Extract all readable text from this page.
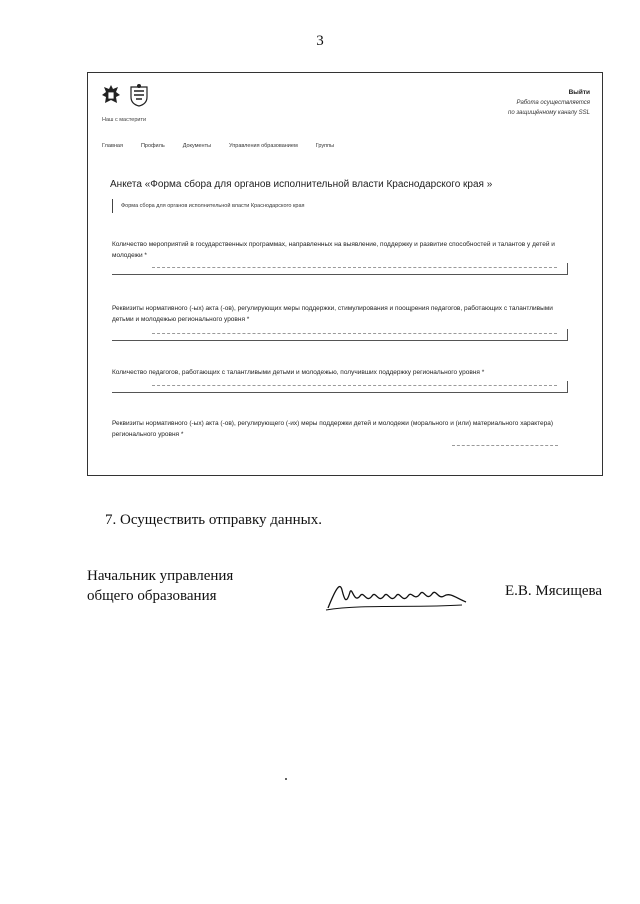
3
Наш с мастерити
Выйти
Работа осуществляется
по защищённому каналу SSL
Главная	Профиль	Документы	Управления образованием	Группы
Анкета «Форма сбора для органов исполнительной власти Краснодарского края »
Форма сбора для органов исполнительной власти Краснодарского края
Количество мероприятий в государственных программах, направленных на выявление, поддержку и развитие способностей и талантов у детей и молодежи *
Реквизиты нормативного (-ых) акта (-ов), регулирующих меры поддержки, стимулирования и поощрения педагогов, работающих с талантливыми детьми и молодежью регионального уровня *
Количество педагогов, работающих с талантливыми детьми и молодежью, получивших поддержку регионального уровня *
Реквизиты нормативного (-ых) акта (-ов), регулирующего (-их) меры поддержки детей и молодежи (морального и (или) материального характера) регионального уровня *
7. Осуществить отправку данных.
Начальник управления
общего образования	Е.В. Мясищева
